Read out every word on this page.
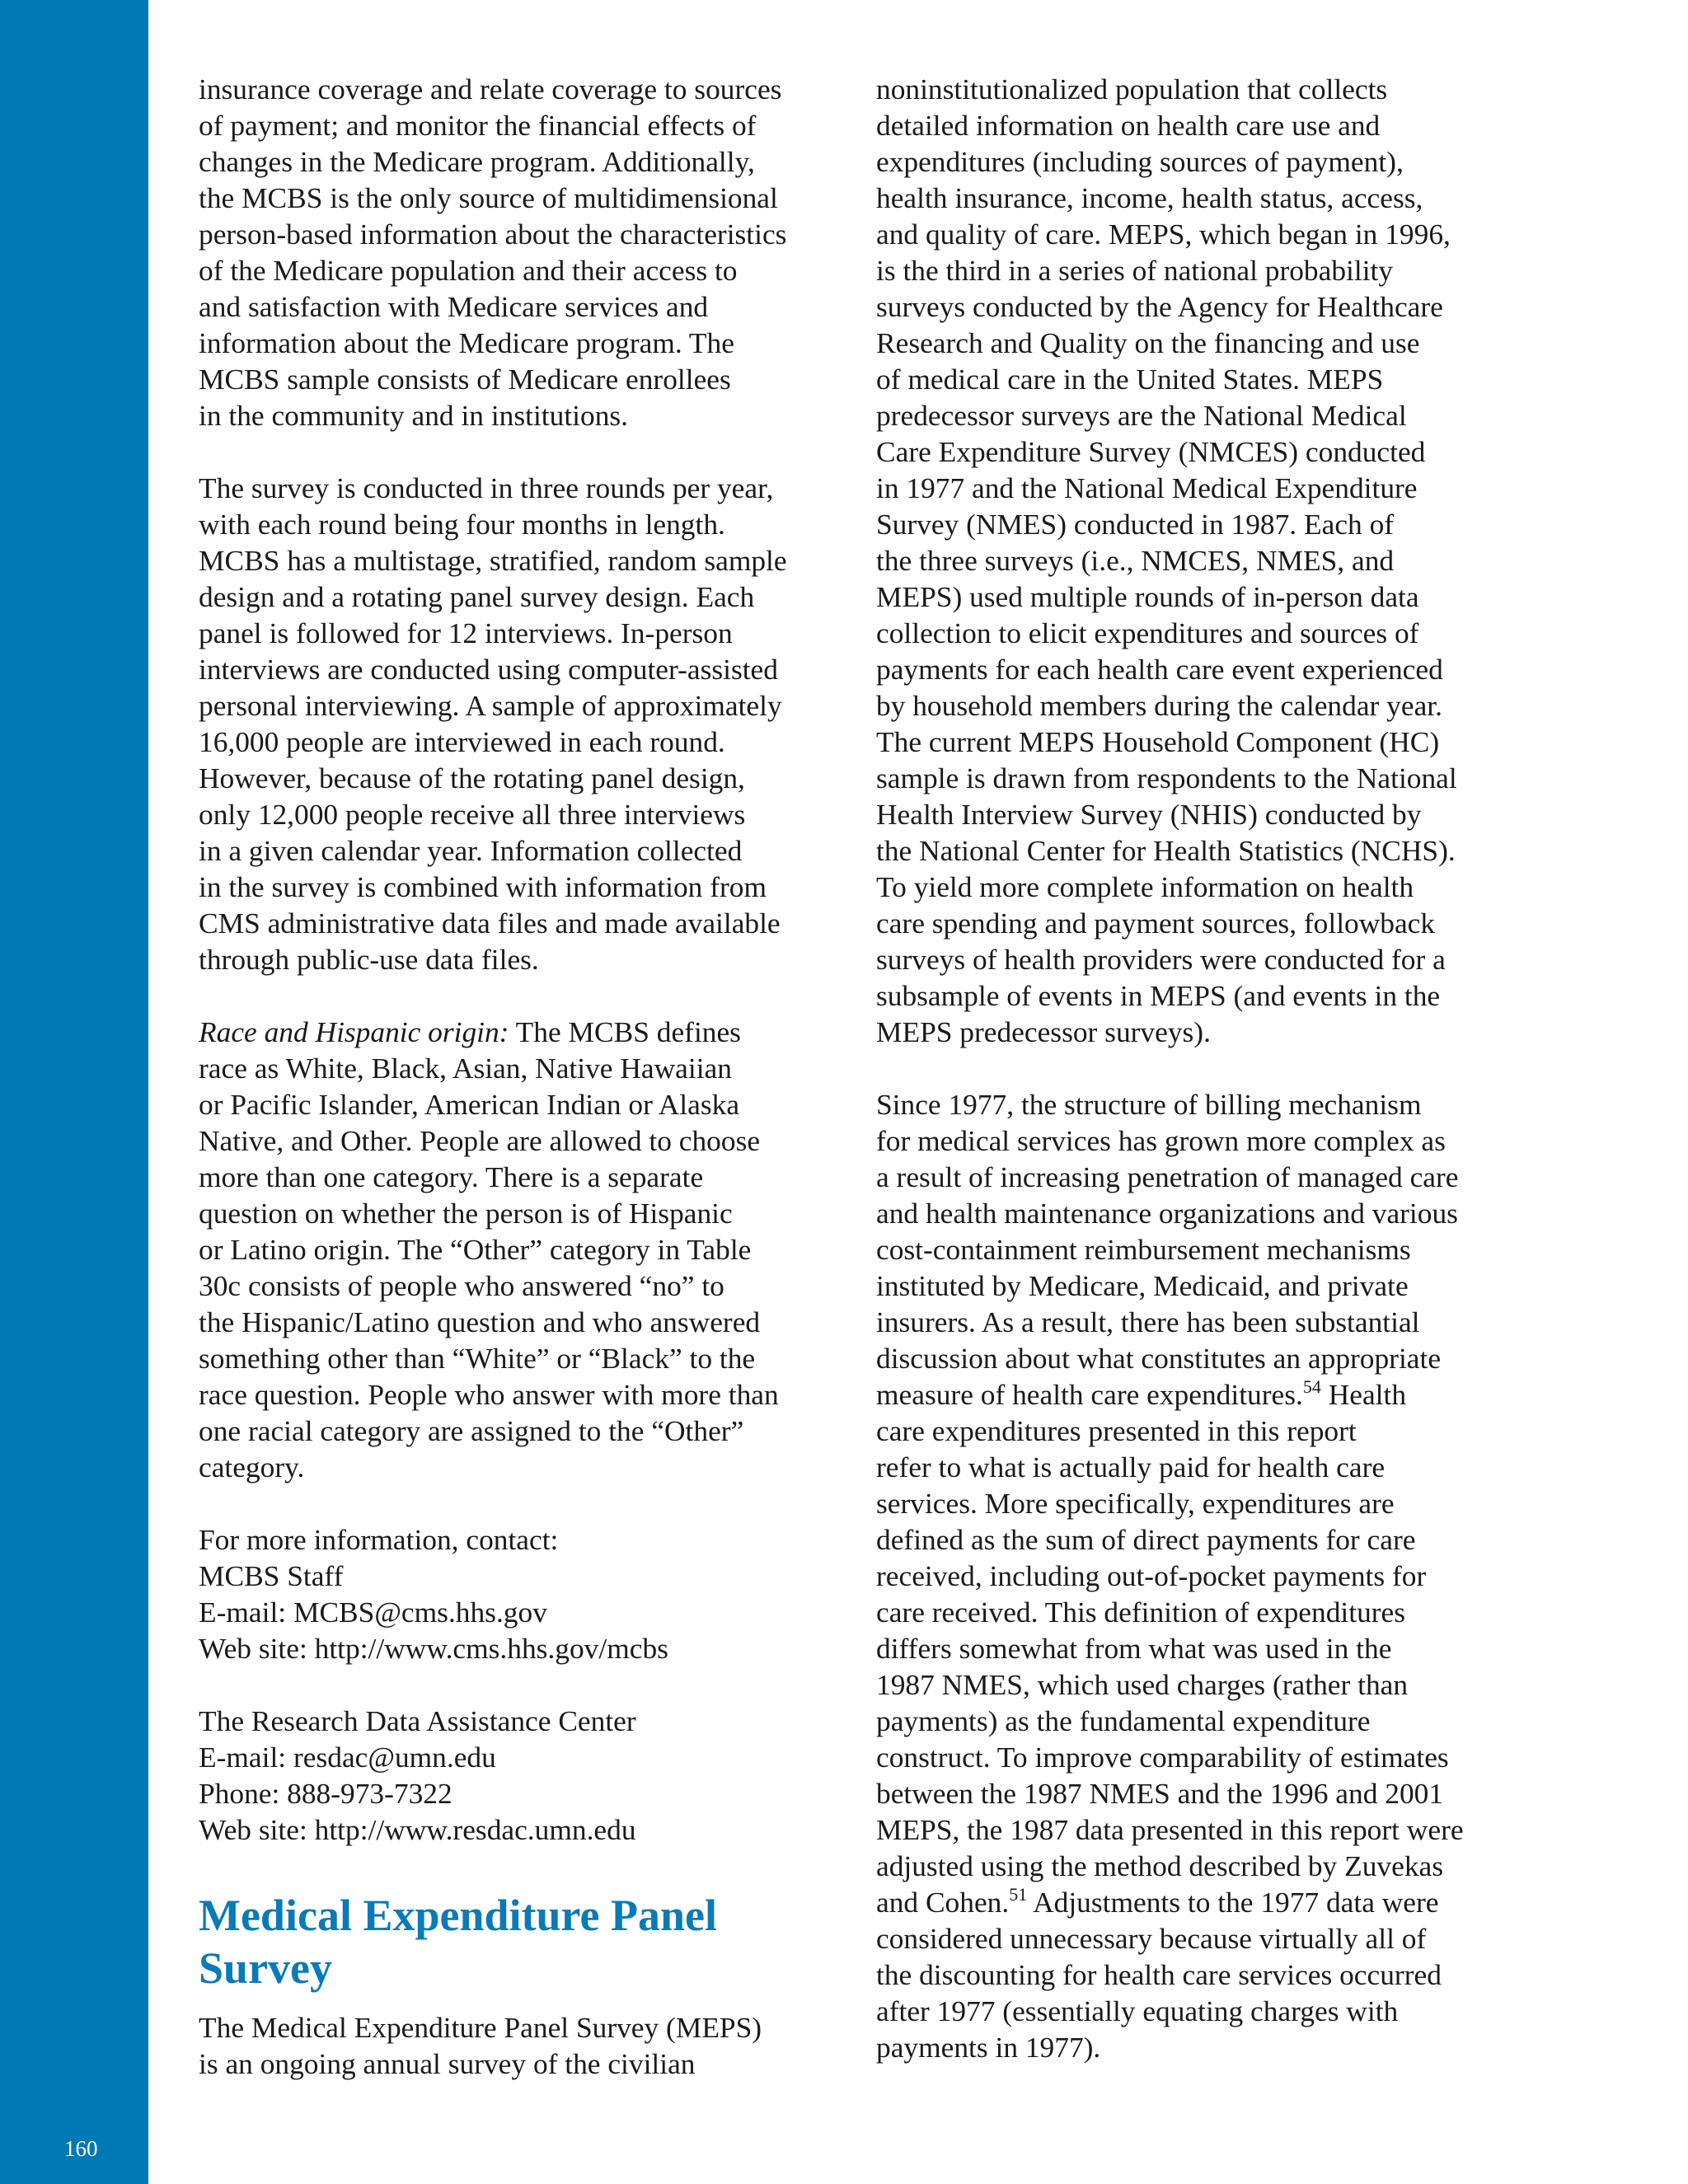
160
insurance coverage and relate coverage to sources
of payment; and monitor the financial effects of
changes in the Medicare program. Additionally,
the MCBS is the only source of multidimensional
person-based information about the characteristics
of the Medicare population and their access to
and satisfaction with Medicare services and
information about the Medicare program. The
MCBS sample consists of Medicare enrollees
in the community and in institutions.
The survey is conducted in three rounds per year,
with each round being four months in length.
MCBS has a multistage, stratified, random sample
design and a rotating panel survey design. Each
panel is followed for 12 interviews. In-person
interviews are conducted using computer-assisted
personal interviewing. A sample of approximately
16,000 people are interviewed in each round.
However, because of the rotating panel design,
only 12,000 people receive all three interviews
in a given calendar year. Information collected
in the survey is combined with information from
CMS administrative data files and made available
through public-use data files.
Race and Hispanic origin: The MCBS defines
race as White, Black, Asian, Native Hawaiian
or Pacific Islander, American Indian or Alaska
Native, and Other. People are allowed to choose
more than one category. There is a separate
question on whether the person is of Hispanic
or Latino origin. The “Other” category in Table
30c consists of people who answered “no” to
the Hispanic/Latino question and who answered
something other than “White” or “Black” to the
race question. People who answer with more than
one racial category are assigned to the “Other”
category.
For more information, contact:
MCBS Staff
E-mail: MCBS@cms.hhs.gov
Web site: http://www.cms.hhs.gov/mcbs
The Research Data Assistance Center
E-mail: resdac@umn.edu
Phone: 888-973-7322
Web site: http://www.resdac.umn.edu
Medical Expenditure Panel
Survey
The Medical Expenditure Panel Survey (MEPS)
is an ongoing annual survey of the civilian
noninstitutionalized population that collects
detailed information on health care use and
expenditures (including sources of payment),
health insurance, income, health status, access,
and quality of care. MEPS, which began in 1996,
is the third in a series of national probability
surveys conducted by the Agency for Healthcare
Research and Quality on the financing and use
of medical care in the United States. MEPS
predecessor surveys are the National Medical
Care Expenditure Survey (NMCES) conducted
in 1977 and the National Medical Expenditure
Survey (NMES) conducted in 1987. Each of
the three surveys (i.e., NMCES, NMES, and
MEPS) used multiple rounds of in-person data
collection to elicit expenditures and sources of
payments for each health care event experienced
by household members during the calendar year.
The current MEPS Household Component (HC)
sample is drawn from respondents to the National
Health Interview Survey (NHIS) conducted by
the National Center for Health Statistics (NCHS).
To yield more complete information on health
care spending and payment sources, followback
surveys of health providers were conducted for a
subsample of events in MEPS (and events in the
MEPS predecessor surveys).
Since 1977, the structure of billing mechanism
for medical services has grown more complex as
a result of increasing penetration of managed care
and health maintenance organizations and various
cost-containment reimbursement mechanisms
instituted by Medicare, Medicaid, and private
insurers. As a result, there has been substantial
discussion about what constitutes an appropriate
measure of health care expenditures.$^{54}$ Health
care expenditures presented in this report
refer to what is actually paid for health care
services. More specifically, expenditures are
defined as the sum of direct payments for care
received, including out-of-pocket payments for
care received. This definition of expenditures
differs somewhat from what was used in the
1987 NMES, which used charges (rather than
payments) as the fundamental expenditure
construct. To improve comparability of estimates
between the 1987 NMES and the 1996 and 2001
MEPS, the 1987 data presented in this report were
adjusted using the method described by Zuvekas
and Cohen.$^{51}$ Adjustments to the 1977 data were
considered unnecessary because virtually all of
the discounting for health care services occurred
after 1977 (essentially equating charges with
payments in 1977).
